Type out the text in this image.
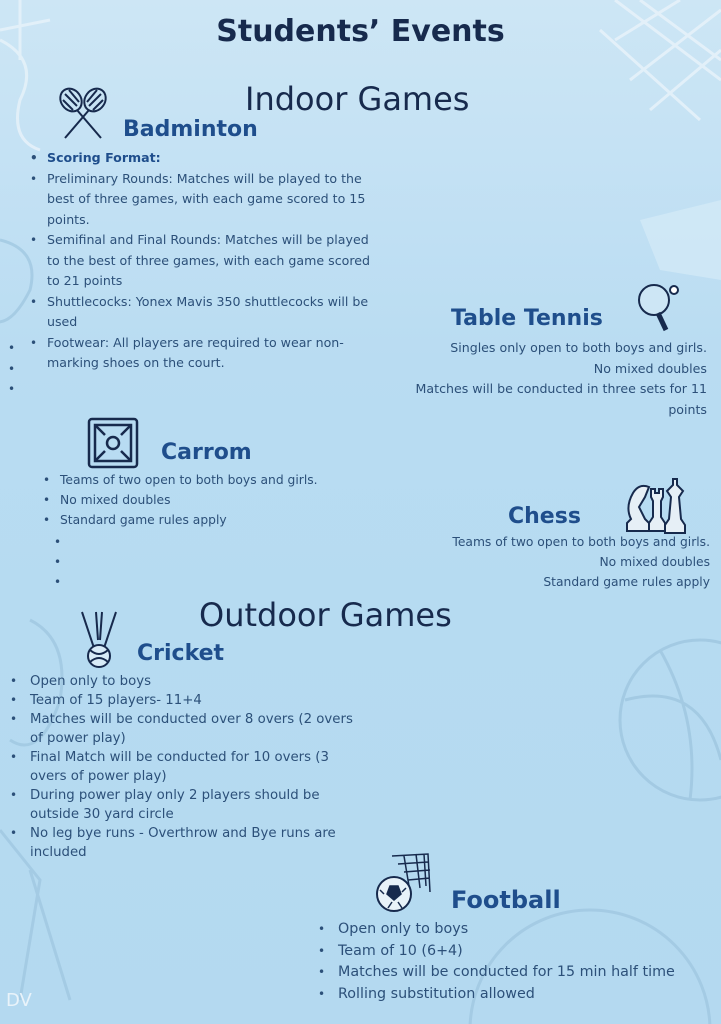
Students’ Events
Indoor Games
Badminton
• Scoring Format:
• Preliminary Rounds: Matches will be played to the best of three games, with each game scored to 15 points.
• Semifinal and Final Rounds: Matches will be played to the best of three games, with each game scored to 21 points
• Shuttlecocks: Yonex Mavis 350 shuttlecocks will be used
• Footwear: All players are required to wear non-marking shoes on the court.
Table Tennis
• Singles only open to both boys and girls.
• No mixed doubles
• Matches will be conducted in three sets for 11 points
Carrom
• Teams of two open to both boys and girls.
• No mixed doubles
• Standard game rules apply	Chess
• Teams of two open to both boys and girls.
• No mixed doubles
• Standard game rules apply
Outdoor Games
Cricket
• Open only to boys
• Team of 15 players- 11+4
• Matches will be conducted over 8 overs (2 overs of power play)
• Final Match will be conducted for 10 overs (3 overs of power play)
• During power play only 2 players should be outside 30 yard circle
• No leg bye runs - Overthrow and Bye runs are included
Football
• Open only to boys
• Team of 10 (6+4)
• Matches will be conducted for 15 min half time
• Rolling substitution allowed
DV
